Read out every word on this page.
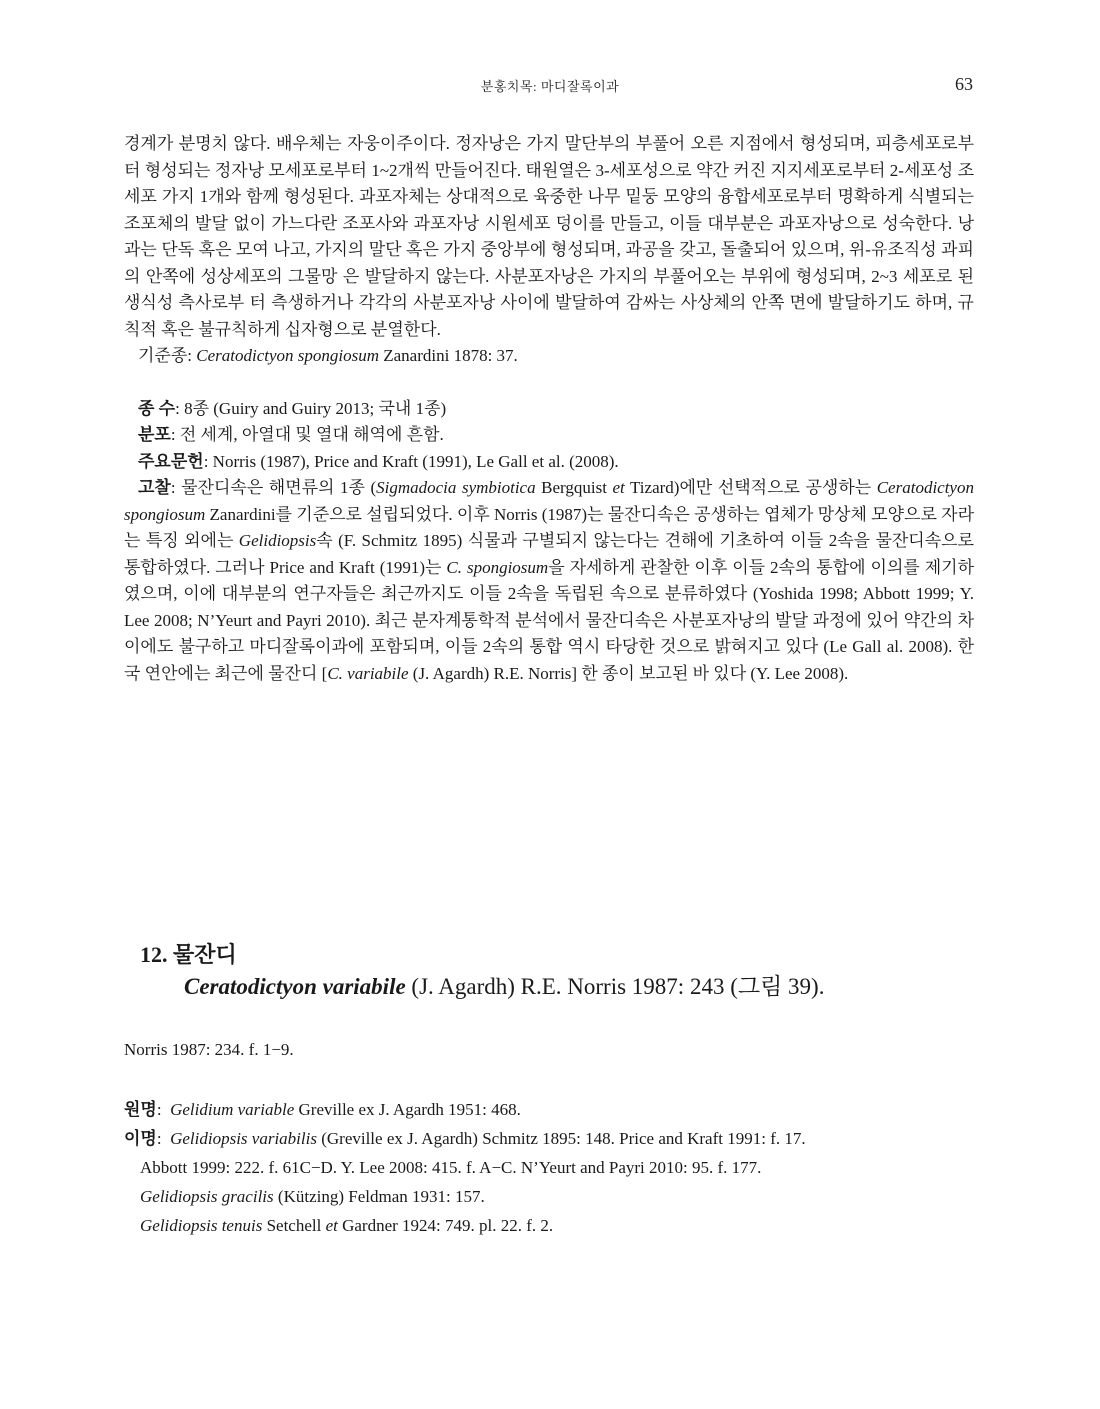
분홍치목: 마디잘록이과	63

경계가 분명치 않다. 배우체는 자웅이주이다. 정자낭은 가지 말단부의 부풀어 오른 지점에서 형성되며, 피층세포로부터 형성되는 정자낭 모세포로부터 1~2개씩 만들어진다. 태원열은 3-세포성으로 약간 커진 지지세포로부터 2-세포성 조세포 가지 1개와 함께 형성된다. 과포자체는 상대적으로 육중한 나무 밑둥 모양의 융합세포로부터 명확하게 식별되는 조포체의 발달 없이 가느다란 조포사와 과포자낭 시원세포 덩이를 만들고, 이들 대부분은 과포자낭으로 성숙한다. 낭과는 단독 혹은 모여 나고, 가지의 말단 혹은 가지 중앙부에 형성되며, 과공을 갖고, 돌출되어 있으며, 위-유조직성 과피의 안쪽에 성상세포의 그물망 은 발달하지 않는다. 사분포자낭은 가지의 부풀어오는 부위에 형성되며, 2~3 세포로 된 생식성 측사로부 터 측생하거나 각각의 사분포자낭 사이에 발달하여 감싸는 사상체의 안쪽 면에 발달하기도 하며, 규칙적 혹은 불규칙하게 십자형으로 분열한다.

기준종: Ceratodictyon spongiosum Zanardini 1878: 37.

종 수: 8종 (Guiry and Guiry 2013; 국내 1종)

분포: 전 세계, 아열대 및 열대 해역에 흔함.

주요문헌: Norris (1987), Price and Kraft (1991), Le Gall et al. (2008).

고찰: 물잔디속은 해면류의 1종 (Sigmadocia symbiotica Bergquist et Tizard)에만 선택적으로 공생하는 Ceratodictyon spongiosum Zanardini를 기준으로 설립되었다. 이후 Norris (1987)는 물잔디속은 공생하는 엽체가 망상체 모양으로 자라는 특징 외에는 Gelidiopsis속 (F. Schmitz 1895) 식물과 구별되지 않는다는 견해에 기초하여 이들 2속을 물잔디속으로 통합하였다. 그러나 Price and Kraft (1991)는 C. spongiosum을 자세하게 관찰한 이후 이들 2속의 통합에 이의를 제기하였으며, 이에 대부분의 연구자들은 최근까지도 이들 2속을 독립된 속으로 분류하였다 (Yoshida 1998; Abbott 1999; Y. Lee 2008; N’Yeurt and Payri 2010). 최근 분자계통학적 분석에서 물잔디속은 사분포자낭의 발달 과정에 있어 약간의 차이에도 불구하고 마디잘록이과에 포함되며, 이들 2속의 통합 역시 타당한 것으로 밝혀지고 있다 (Le Gall al. 2008). 한국 연안에는 최근에 물잔디 [C. variabile (J. Agardh) R.E. Norris] 한 종이 보고된 바 있다 (Y. Lee 2008).

12. 물잔디
Ceratodictyon variabile (J. Agardh) R.E. Norris 1987: 243 (그림 39).
Norris 1987: 234. f. 1−9.

원명:  Gelidium variable Greville ex J. Agardh 1951: 468.

이명:  Gelidiopsis variabilis (Greville ex J. Agardh) Schmitz 1895: 148. Price and Kraft 1991: f. 17.

Abbott 1999: 222. f. 61C−D. Y. Lee 2008: 415. f. A−C. N’Yeurt and Payri 2010: 95. f. 177.

Gelidiopsis gracilis (Kützing) Feldman 1931: 157.

Gelidiopsis tenuis Setchell et Gardner 1924: 749. pl. 22. f. 2.
